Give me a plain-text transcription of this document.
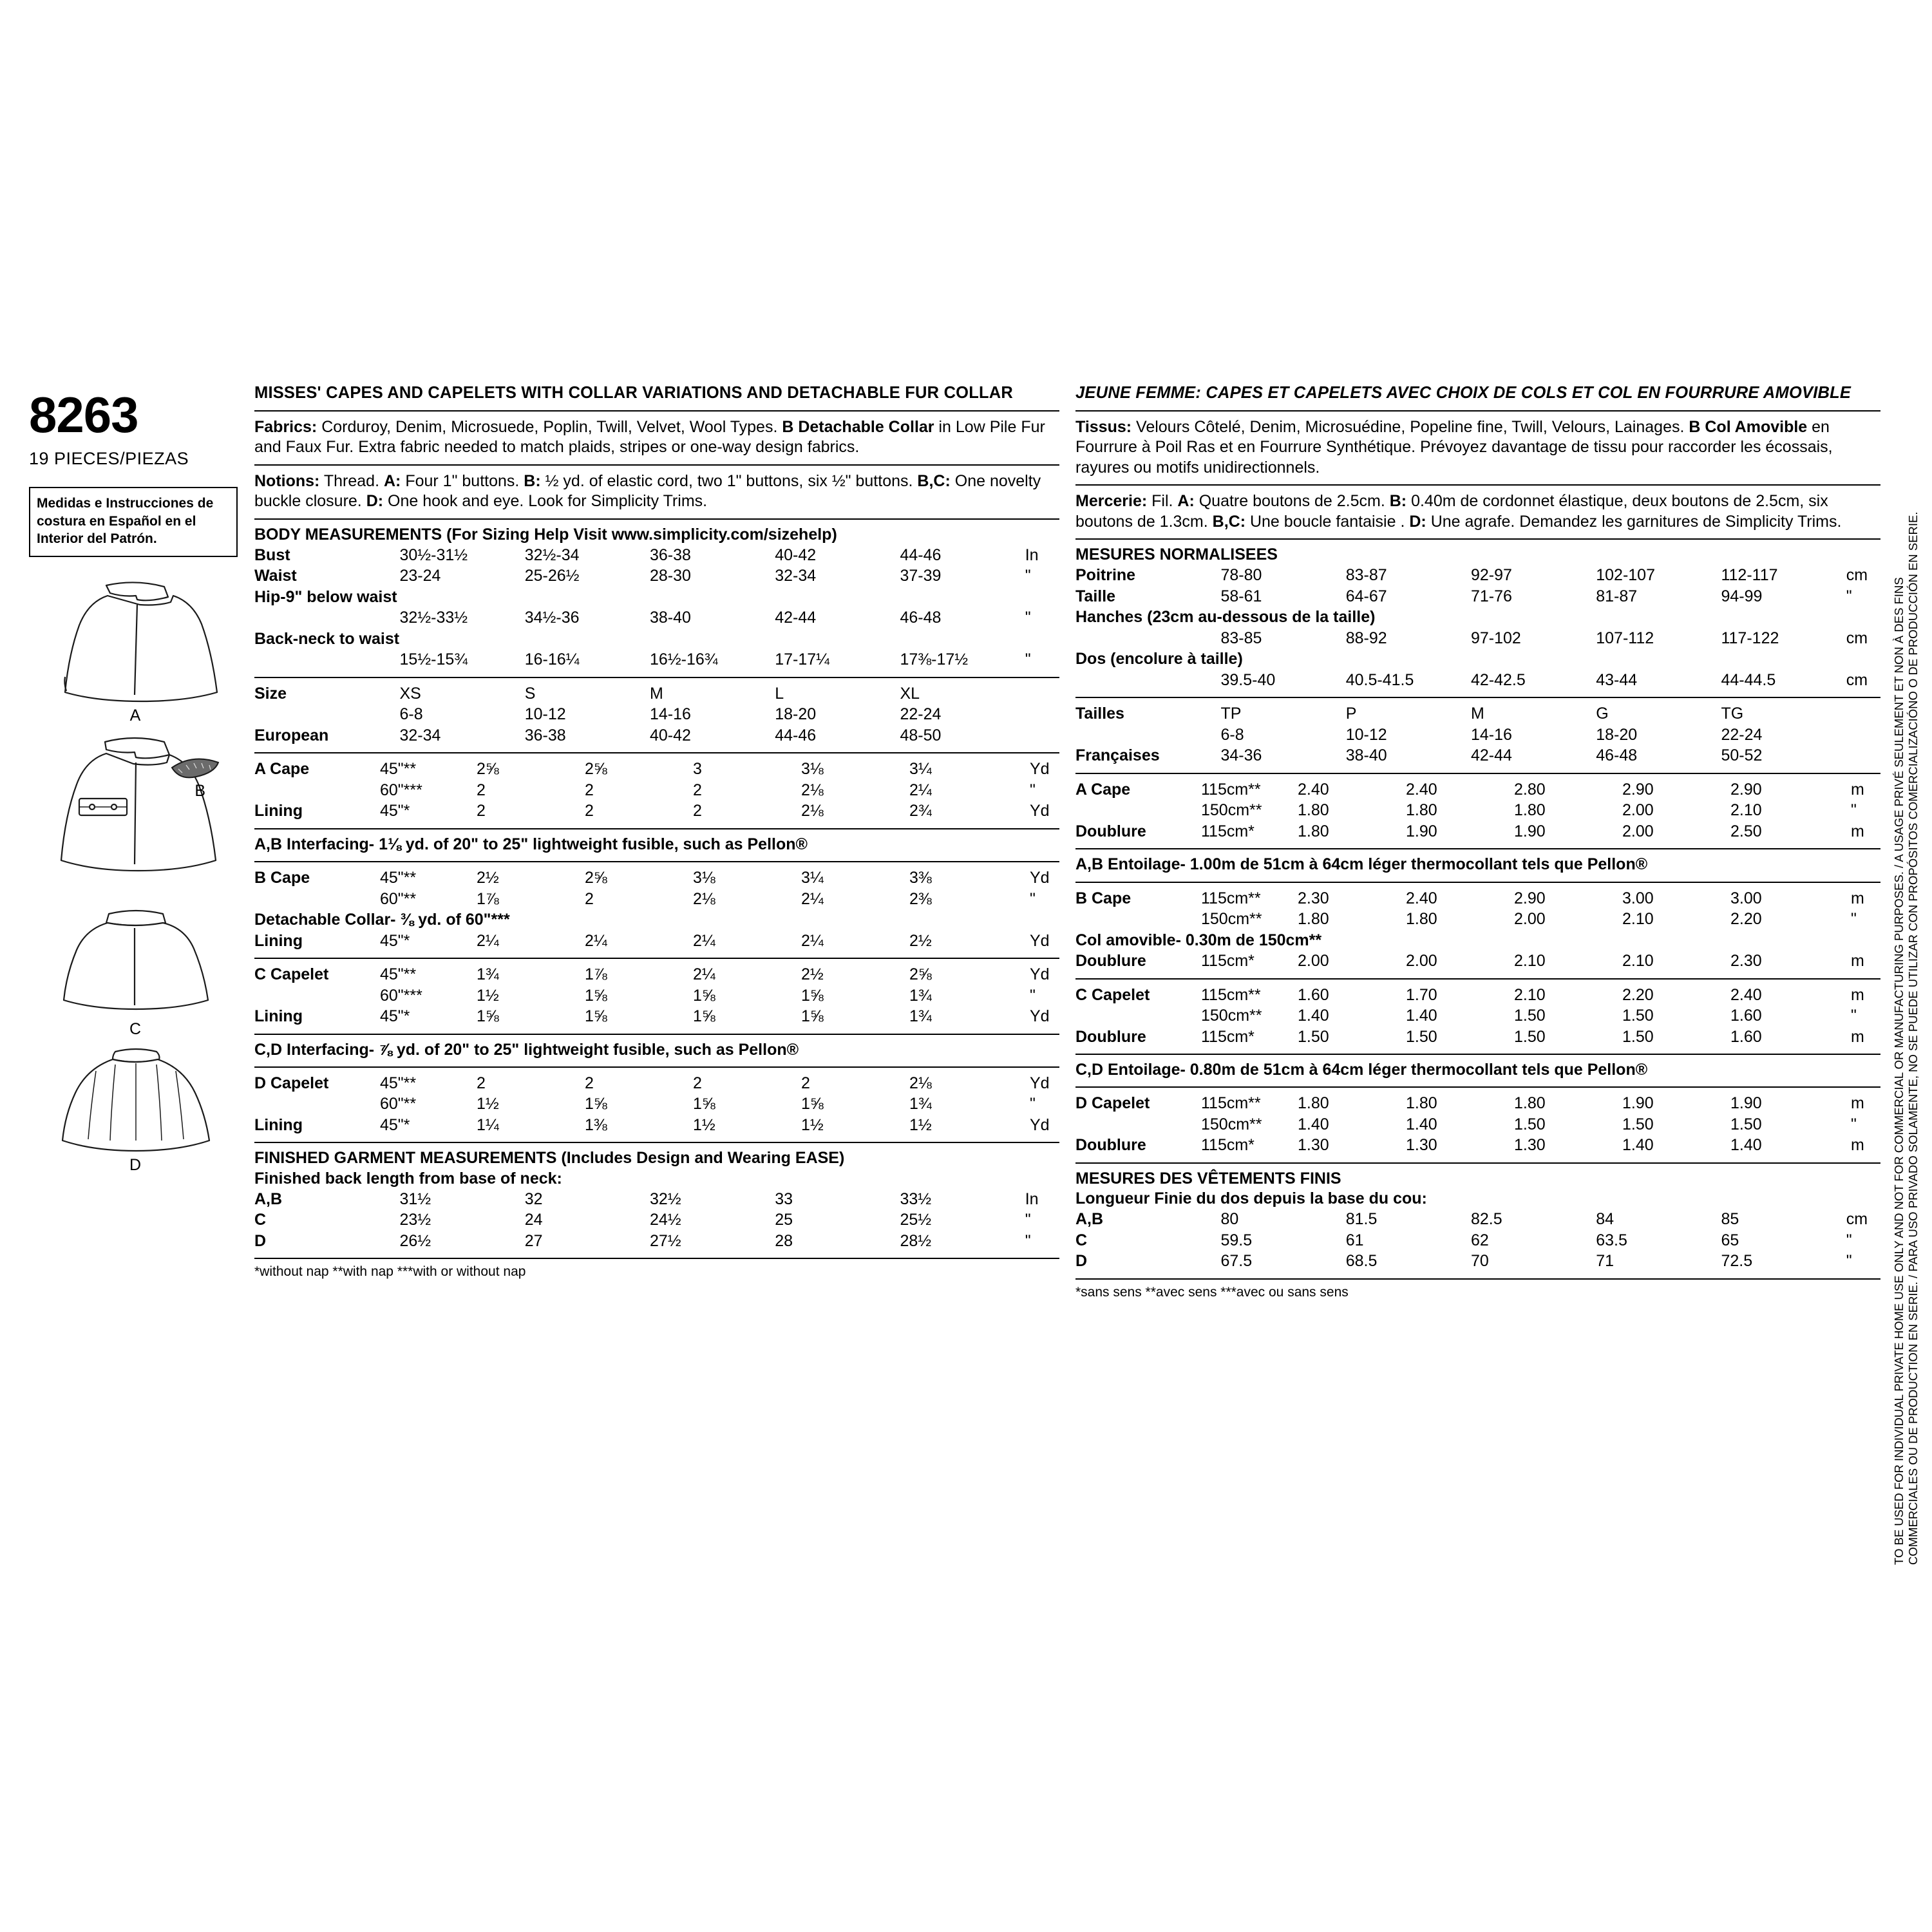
8263
19 PIECES/PIEZAS
Medidas e Instrucciones de costura en Español en el Interior del Patrón.
A
B
C
D
MISSES' CAPES AND CAPELETS WITH COLLAR VARIATIONS AND DETACHABLE FUR COLLAR
Fabrics: Corduroy, Denim, Microsuede, Poplin, Twill, Velvet, Wool Types. B Detachable Collar in Low Pile Fur and Faux Fur. Extra fabric needed to match plaids, stripes or one-way design fabrics.
Notions: Thread. A: Four 1" buttons. B: ½ yd. of elastic cord, two 1" buttons, six ½" buttons. B,C: One novelty buckle closure. D: One hook and eye. Look for Simplicity Trims.
BODY MEASUREMENTS (For Sizing Help Visit www.simplicity.com/sizehelp)
Bust	30½-31½	32½-34	36-38	40-42	44-46	In
Waist	23-24	25-26½	28-30	32-34	37-39	"
Hip-9" below waist						
	32½-33½	34½-36	38-40	42-44	46-48	"
Back-neck to waist						
	15½-15¾	16-16¼	16½-16¾	17-17¼	17⅜-17½	"
Size	XS	S	M	L	XL	
	6-8	10-12	14-16	18-20	22-24	
European	32-34	36-38	40-42	44-46	48-50	
A Cape	45"**	2⅝	2⅝	3	3⅛	3¼	Yd
	60"***	2	2	2	2⅛	2¼	"
Lining	45"*	2	2	2	2⅛	2¾	Yd
A,B Interfacing- 1⅛ yd. of 20" to 25" lightweight fusible, such as Pellon®
B Cape	45"**	2½	2⅝	3⅛	3¼	3⅜	Yd
	60"**	1⅞	2	2⅛	2¼	2⅜	"
Detachable Collar- ⅜ yd. of 60"***							
Lining	45"*	2¼	2¼	2¼	2¼	2½	Yd
C Capelet	45"**	1¾	1⅞	2¼	2½	2⅝	Yd
	60"***	1½	1⅝	1⅝	1⅝	1¾	"
Lining	45"*	1⅝	1⅝	1⅝	1⅝	1¾	Yd
C,D Interfacing- ⅞ yd. of 20" to 25" lightweight fusible, such as Pellon®
D Capelet	45"**	2	2	2	2	2⅛	Yd
	60"**	1½	1⅝	1⅝	1⅝	1¾	"
Lining	45"*	1¼	1⅜	1½	1½	1½	Yd
FINISHED GARMENT MEASUREMENTS (Includes Design and Wearing EASE)
Finished back length from base of neck:
A,B	31½	32	32½	33	33½	In
C	23½	24	24½	25	25½	"
D	26½	27	27½	28	28½	"
*without nap **with nap ***with or without nap
JEUNE FEMME: CAPES ET CAPELETS AVEC CHOIX DE COLS ET COL EN FOURRURE AMOVIBLE
Tissus: Velours Côtelé, Denim, Microsuédine, Popeline fine, Twill, Velours, Lainages. B Col Amovible en Fourrure à Poil Ras et en Fourrure Synthétique. Prévoyez davantage de tissu pour raccorder les écossais, rayures ou motifs unidirectionnels.
Mercerie: Fil. A: Quatre boutons de 2.5cm. B: 0.40m de cordonnet élastique, deux boutons de 2.5cm, six boutons de 1.3cm. B,C: Une boucle fantaisie . D: Une agrafe. Demandez les garnitures de Simplicity Trims.
MESURES NORMALISEES
Poitrine	78-80	83-87	92-97	102-107	112-117	cm
Taille	58-61	64-67	71-76	81-87	94-99	"
Hanches (23cm au-dessous de la taille)						
	83-85	88-92	97-102	107-112	117-122	cm
Dos (encolure à taille)						
	39.5-40	40.5-41.5	42-42.5	43-44	44-44.5	cm
Tailles	TP	P	M	G	TG	
	6-8	10-12	14-16	18-20	22-24	
Françaises	34-36	38-40	42-44	46-48	50-52	
A Cape	115cm**	2.40	2.40	2.80	2.90	2.90	m
	150cm**	1.80	1.80	1.80	2.00	2.10	"
Doublure	115cm*	1.80	1.90	1.90	2.00	2.50	m
A,B Entoilage- 1.00m de 51cm à 64cm léger thermocollant tels que Pellon®
B Cape	115cm**	2.30	2.40	2.90	3.00	3.00	m
	150cm**	1.80	1.80	2.00	2.10	2.20	"
Col amovible- 0.30m de 150cm**							
Doublure	115cm*	2.00	2.00	2.10	2.10	2.30	m
C Capelet	115cm**	1.60	1.70	2.10	2.20	2.40	m
	150cm**	1.40	1.40	1.50	1.50	1.60	"
Doublure	115cm*	1.50	1.50	1.50	1.50	1.60	m
C,D Entoilage- 0.80m de 51cm à 64cm léger thermocollant tels que Pellon®
D Capelet	115cm**	1.80	1.80	1.80	1.90	1.90	m
	150cm**	1.40	1.40	1.50	1.50	1.50	"
Doublure	115cm*	1.30	1.30	1.30	1.40	1.40	m
MESURES DES VÊTEMENTS FINIS
Longueur Finie du dos depuis la base du cou:
A,B	80	81.5	82.5	84	85	cm
C	59.5	61	62	63.5	65	"
D	67.5	68.5	70	71	72.5	"
*sans sens **avec sens ***avec ou sans sens	TO BE USED FOR INDIVIDUAL PRIVATE HOME USE ONLY AND NOT FOR COMMERCIAL OR MANUFACTURING PURPOSES. / A USAGE PRIVÉ SEULEMENT ET NON À DES FINS COMMERCIALES OU DE PRODUCTION EN SERIE. / PARA USO PRIVADO SOLAMENTE, NO SE PUEDE UTILIZAR CON PROPÓSITOS COMERCIALIZACIÓNO O DE PRODUCCIÓN EN SERIE.
